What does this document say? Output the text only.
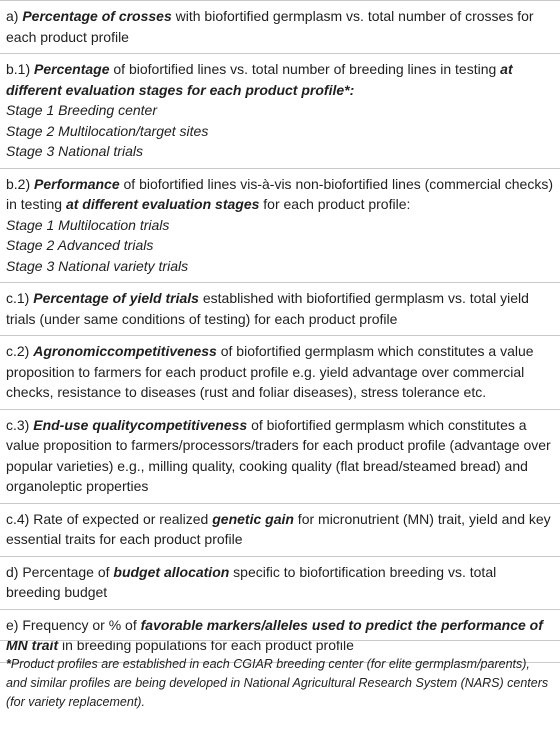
a) Percentage of crosses with biofortified germplasm vs. total number of crosses for each product profile
b.1) Percentage of biofortified lines vs. total number of breeding lines in testing at different evaluation stages for each product profile*:
Stage 1 Breeding center
Stage 2 Multilocation/target sites
Stage 3 National trials
b.2) Performance of biofortified lines vis-à-vis non-biofortified lines (commercial checks) in testing at different evaluation stages for each product profile:
Stage 1 Multilocation trials
Stage 2 Advanced trials
Stage 3 National variety trials
c.1) Percentage of yield trials established with biofortified germplasm vs. total yield trials (under same conditions of testing) for each product profile
c.2) Agronomiccompetitiveness of biofortified germplasm which constitutes a value proposition to farmers for each product profile e.g. yield advantage over commercial checks, resistance to diseases (rust and foliar diseases), stress tolerance etc.
c.3) End-use qualitycompetitiveness of biofortified germplasm which constitutes a value proposition to farmers/processors/traders for each product profile (advantage over popular varieties) e.g., milling quality, cooking quality (flat bread/steamed bread) and organoleptic properties
c.4) Rate of expected or realized genetic gain for micronutrient (MN) trait, yield and key essential traits for each product profile
d) Percentage of budget allocation specific to biofortification breeding vs. total breeding budget
e) Frequency or % of favorable markers/alleles used to predict the performance of MN trait in breeding populations for each product profile
*Product profiles are established in each CGIAR breeding center (for elite germplasm/parents), and similar profiles are being developed in National Agricultural Research System (NARS) centers (for variety replacement).
